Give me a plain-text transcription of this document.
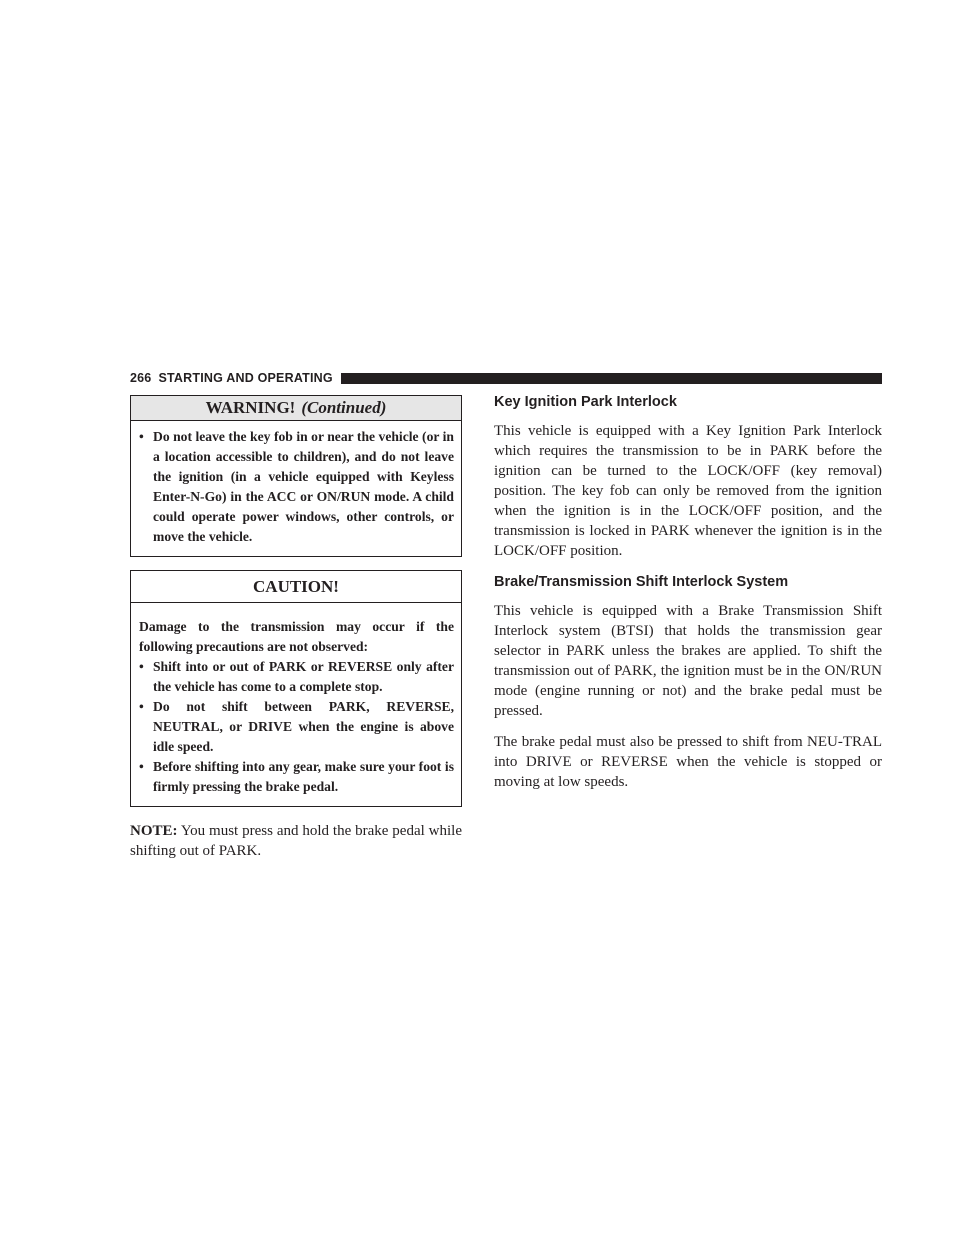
266 STARTING AND OPERATING
WARNING! (Continued)
• Do not leave the key fob in or near the vehicle (or in a location accessible to children), and do not leave the ignition (in a vehicle equipped with Keyless Enter-N-Go) in the ACC or ON/RUN mode. A child could operate power windows, other controls, or move the vehicle.
CAUTION!
Damage to the transmission may occur if the following precautions are not observed:
• Shift into or out of PARK or REVERSE only after the vehicle has come to a complete stop.
• Do not shift between PARK, REVERSE, NEUTRAL, or DRIVE when the engine is above idle speed.
• Before shifting into any gear, make sure your foot is firmly pressing the brake pedal.
NOTE: You must press and hold the brake pedal while shifting out of PARK.
Key Ignition Park Interlock

This vehicle is equipped with a Key Ignition Park Interlock which requires the transmission to be in PARK before the ignition can be turned to the LOCK/OFF (key removal) position. The key fob can only be removed from the ignition when the ignition is in the LOCK/OFF position, and the transmission is locked in PARK whenever the ignition is in the LOCK/OFF position.

Brake/Transmission Shift Interlock System

This vehicle is equipped with a Brake Transmission Shift Interlock system (BTSI) that holds the transmission gear selector in PARK unless the brakes are applied. To shift the transmission out of PARK, the ignition must be in the ON/RUN mode (engine running or not) and the brake pedal must be pressed.

The brake pedal must also be pressed to shift from NEU-TRAL into DRIVE or REVERSE when the vehicle is stopped or moving at low speeds.
